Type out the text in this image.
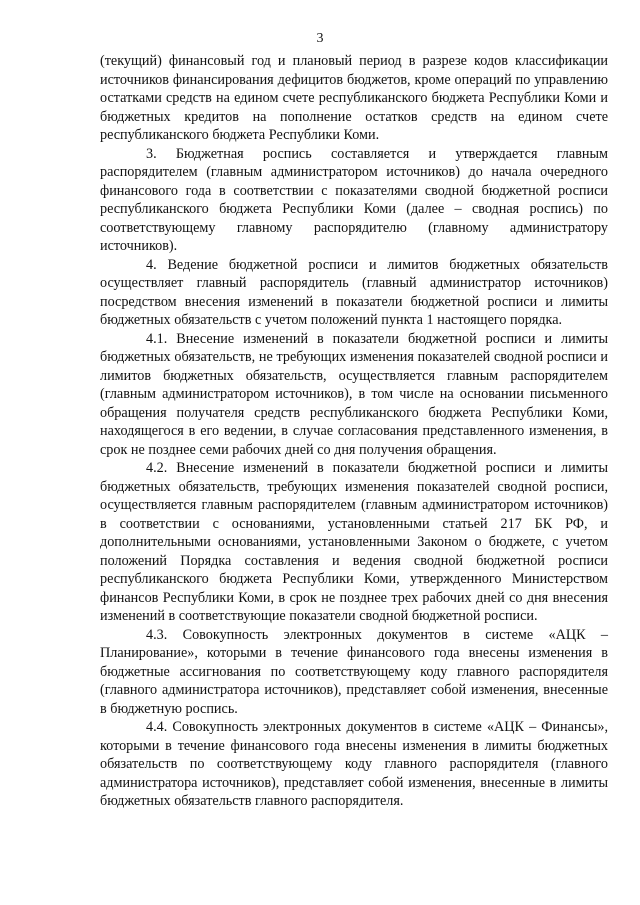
3

(текущий) финансовый год и плановый период в разрезе кодов классификации источников финансирования дефицитов бюджетов, кроме операций по управлению остатками средств на едином счете республиканского бюджета Республики Коми и бюджетных кредитов на пополнение остатков средств на едином счете республиканского бюджета Республики Коми.

3. Бюджетная роспись составляется и утверждается главным распорядителем (главным администратором источников) до начала очередного финансового года в соответствии с показателями сводной бюджетной росписи республиканского бюджета Республики Коми (далее – сводная роспись) по соответствующему главному распорядителю (главному администратору источников).

4. Ведение бюджетной росписи и лимитов бюджетных обязательств осуществляет главный распорядитель (главный администратор источников) посредством внесения изменений в показатели бюджетной росписи и лимиты бюджетных обязательств с учетом положений пункта 1 настоящего порядка.

4.1. Внесение изменений в показатели бюджетной росписи и лимиты бюджетных обязательств, не требующих изменения показателей сводной росписи и лимитов бюджетных обязательств, осуществляется главным распорядителем (главным администратором источников), в том числе на основании письменного обращения получателя средств республиканского бюджета Республики Коми, находящегося в его ведении, в случае согласования представленного изменения, в срок не позднее семи рабочих дней со дня получения обращения.

4.2. Внесение изменений в показатели бюджетной росписи и лимиты бюджетных обязательств, требующих изменения показателей сводной росписи, осуществляется главным распорядителем (главным администратором источников) в соответствии с основаниями, установленными статьей 217 БК РФ, и дополнительными основаниями, установленными Законом о бюджете, с учетом положений Порядка составления и ведения сводной бюджетной росписи республиканского бюджета Республики Коми, утвержденного Министерством финансов Республики Коми, в срок не позднее трех рабочих дней со дня внесения изменений в соответствующие показатели сводной бюджетной росписи.

4.3. Совокупность электронных документов в системе «АЦК – Планирование», которыми в течение финансового года внесены изменения в бюджетные ассигнования по соответствующему коду главного распорядителя (главного администратора источников), представляет собой изменения, внесенные в бюджетную роспись.

4.4. Совокупность электронных документов в системе «АЦК – Финансы», которыми в течение финансового года внесены изменения в лимиты бюджетных обязательств по соответствующему коду главного распорядителя (главного администратора источников), представляет собой изменения, внесенные в лимиты бюджетных обязательств главного распорядителя.
